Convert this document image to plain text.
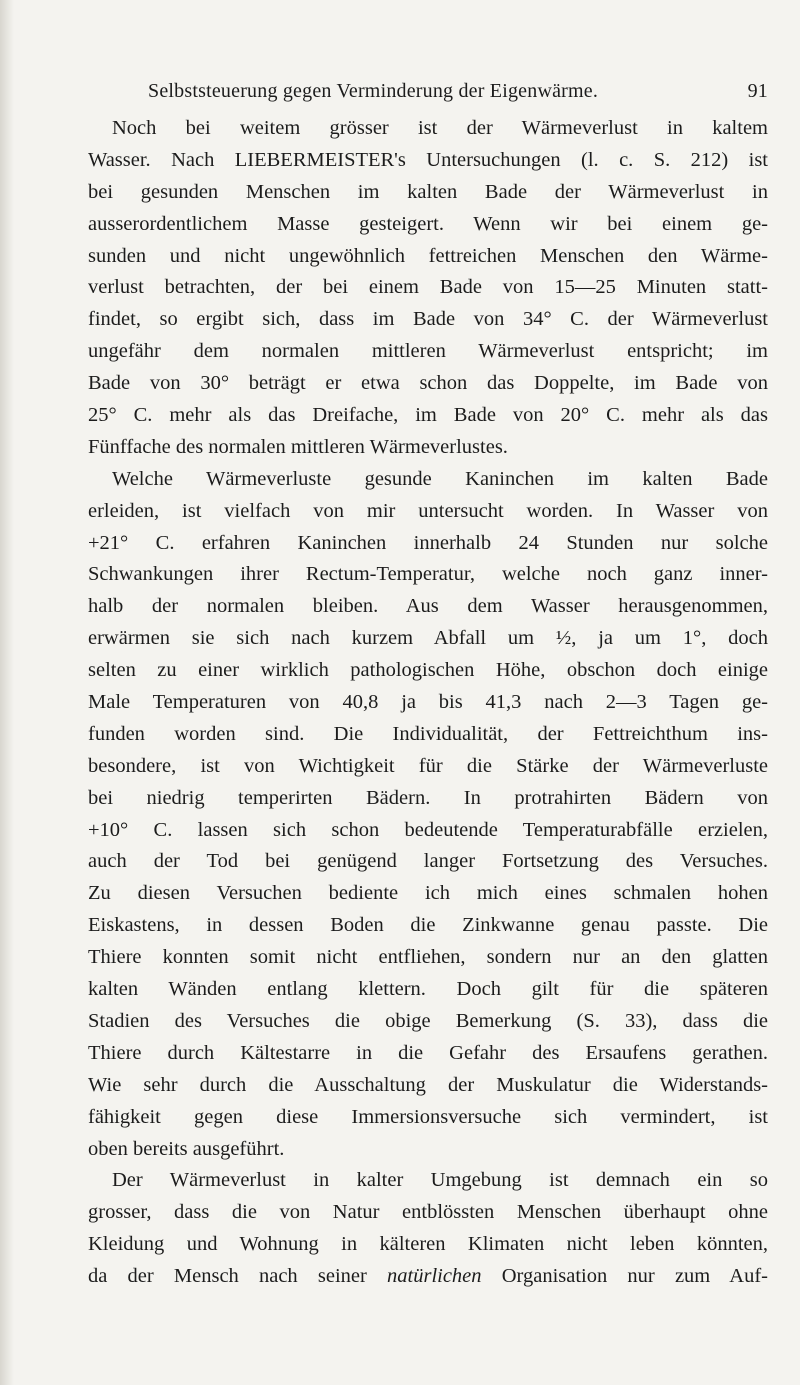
Selbststeuerung gegen Verminderung der Eigenwärme.	91
Noch bei weitem grösser ist der Wärmeverlust in kaltem
Wasser. Nach LIEBERMEISTER's Untersuchungen (l. c. S. 212) ist
bei gesunden Menschen im kalten Bade der Wärmeverlust in
ausserordentlichem Masse gesteigert. Wenn wir bei einem ge-
sunden und nicht ungewöhnlich fettreichen Menschen den Wärme-
verlust betrachten, der bei einem Bade von 15—25 Minuten statt-
findet, so ergibt sich, dass im Bade von 34° C. der Wärmeverlust
ungefähr dem normalen mittleren Wärmeverlust entspricht; im
Bade von 30° beträgt er etwa schon das Doppelte, im Bade von
25° C. mehr als das Dreifache, im Bade von 20° C. mehr als das
Fünffache des normalen mittleren Wärmeverlustes.
Welche Wärmeverluste gesunde Kaninchen im kalten Bade
erleiden, ist vielfach von mir untersucht worden. In Wasser von
+21° C. erfahren Kaninchen innerhalb 24 Stunden nur solche
Schwankungen ihrer Rectum-Temperatur, welche noch ganz inner-
halb der normalen bleiben. Aus dem Wasser herausgenommen,
erwärmen sie sich nach kurzem Abfall um ½, ja um 1°, doch
selten zu einer wirklich pathologischen Höhe, obschon doch einige
Male Temperaturen von 40,8 ja bis 41,3 nach 2—3 Tagen ge-
funden worden sind. Die Individualität, der Fettreichthum ins-
besondere, ist von Wichtigkeit für die Stärke der Wärmeverluste
bei niedrig temperirten Bädern. In protrahirten Bädern von
+10° C. lassen sich schon bedeutende Temperaturabfälle erzielen,
auch der Tod bei genügend langer Fortsetzung des Versuches.
Zu diesen Versuchen bediente ich mich eines schmalen hohen
Eiskastens, in dessen Boden die Zinkwanne genau passte. Die
Thiere konnten somit nicht entfliehen, sondern nur an den glatten
kalten Wänden entlang klettern. Doch gilt für die späteren
Stadien des Versuches die obige Bemerkung (S. 33), dass die
Thiere durch Kältestarre in die Gefahr des Ersaufens gerathen.
Wie sehr durch die Ausschaltung der Muskulatur die Widerstands-
fähigkeit gegen diese Immersionsversuche sich vermindert, ist
oben bereits ausgeführt.
Der Wärmeverlust in kalter Umgebung ist demnach ein so
grosser, dass die von Natur entblössten Menschen überhaupt ohne
Kleidung und Wohnung in kälteren Klimaten nicht leben könnten,
da der Mensch nach seiner natürlichen Organisation nur zum Auf-
